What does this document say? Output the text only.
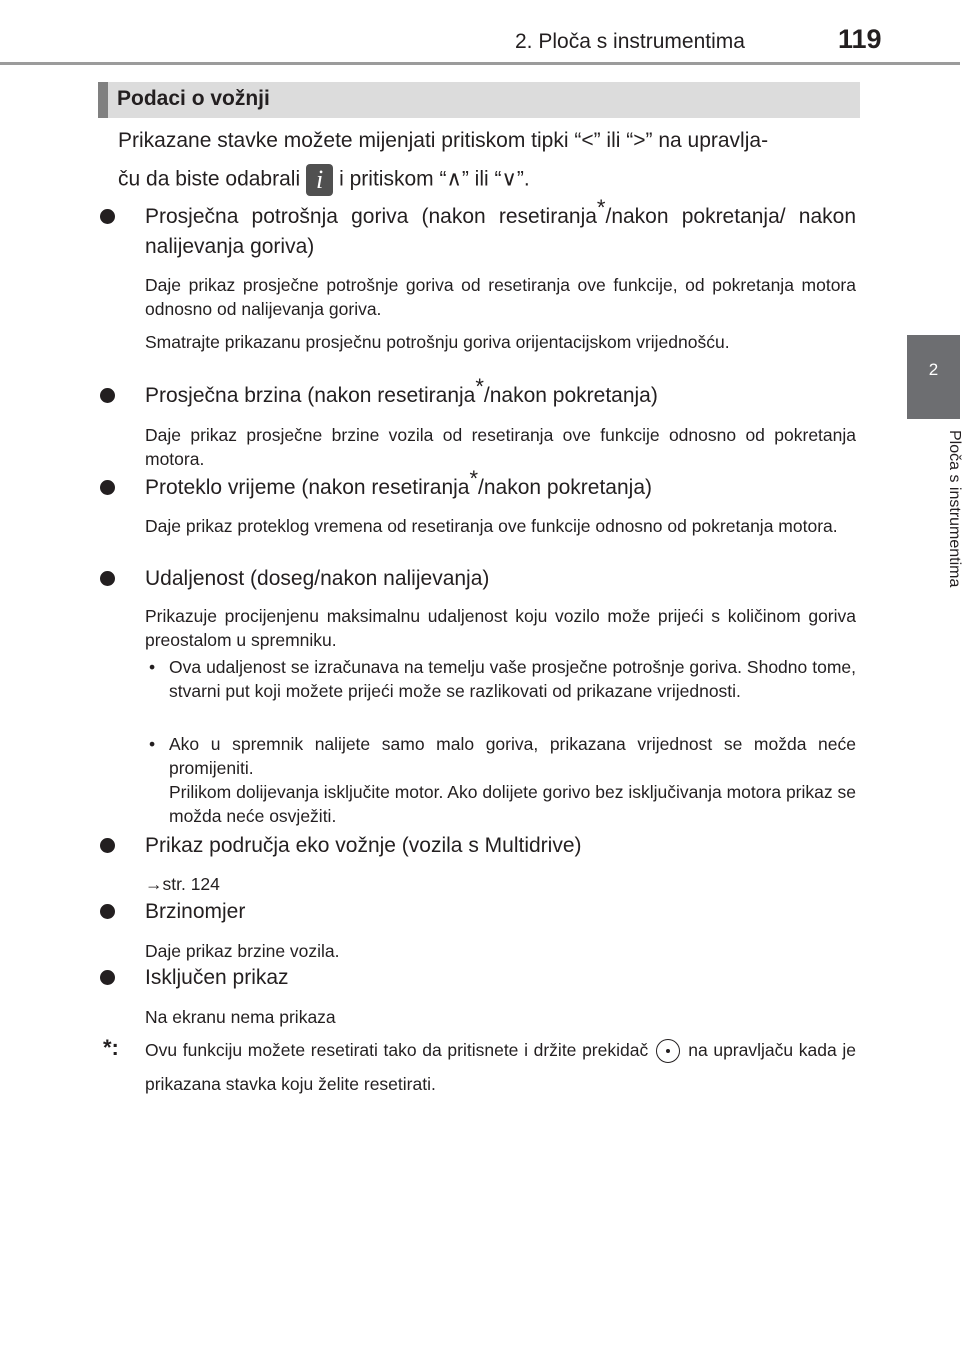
2. Ploča s instrumentima	119
2
Ploča s instrumentima
Podaci o vožnji
Prikazane stavke možete mijenjati pritiskom tipki “<” ili “>” na upravlja-
ču da biste odabrali i i pritiskom “∧” ili “∨”.
Prosječna potrošnja goriva (nakon resetiranja*/nakon pokretanja/ nakon nalijevanja goriva)
Daje prikaz prosječne potrošnje goriva od resetiranja ove funkcije, od pokretanja motora odnosno od nalijevanja goriva.
Smatrajte prikazanu prosječnu potrošnju goriva orijentacijskom vrijednošću.
Prosječna brzina (nakon resetiranja*/nakon pokretanja)
Daje prikaz prosječne brzine vozila od resetiranja ove funkcije odnosno od pokretanja motora.
Proteklo vrijeme (nakon resetiranja*/nakon pokretanja)
Daje prikaz proteklog vremena od resetiranja ove funkcije odnosno od pokretanja motora.
Udaljenost (doseg/nakon nalijevanja)
Prikazuje procijenjenu maksimalnu udaljenost koju vozilo može prijeći s količinom goriva preostalom u spremniku.
• Ova udaljenost se izračunava na temelju vaše prosječne potrošnje goriva. Shodno tome, stvarni put koji možete prijeći može se razlikovati od prikazane vrijednosti.
• Ako u spremnik nalijete samo malo goriva, prikazana vrijednost se možda neće promijeniti.
Prilikom dolijevanja isključite motor. Ako dolijete gorivo bez isključivanja motora prikaz se možda neće osvježiti.
Prikaz područja eko vožnje (vozila s Multidrive)
→str. 124
Brzinomjer
Daje prikaz brzine vozila.
Isključen prikaz
Na ekranu nema prikaza
*:	Ovu funkciju možete resetirati tako da pritisnete i držite prekidač na upravljaču kada je prikazana stavka koju želite resetirati.
